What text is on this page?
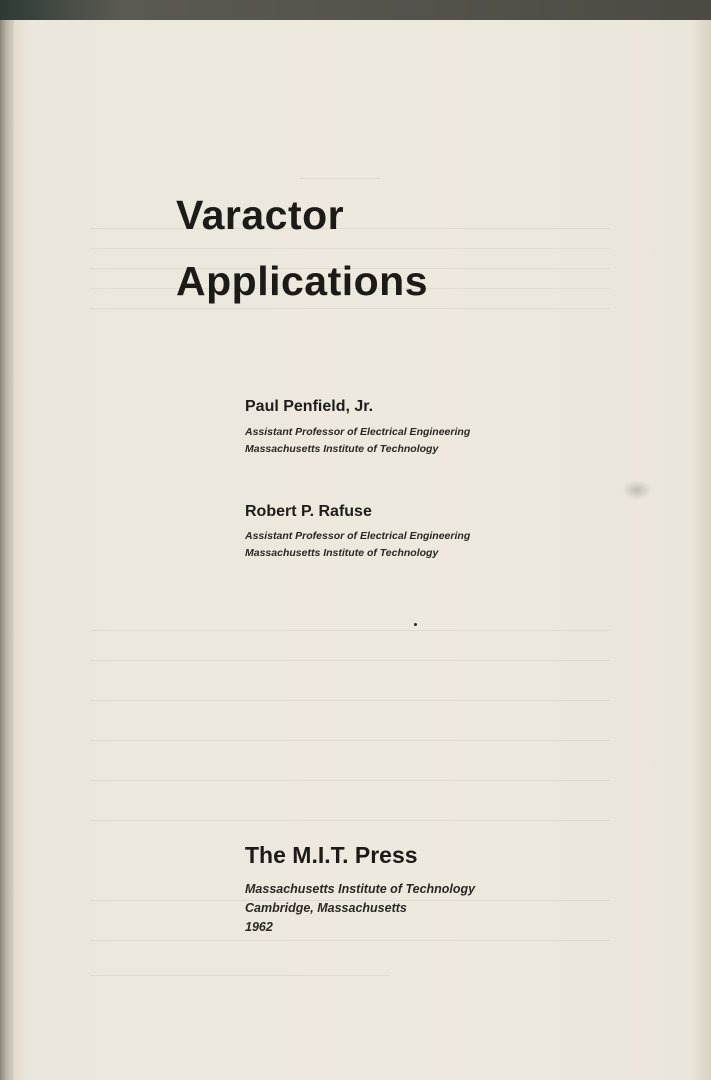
Varactor
Applications
Paul Penfield, Jr.
Assistant Professor of Electrical Engineering
Massachusetts Institute of Technology
Robert P. Rafuse
Assistant Professor of Electrical Engineering
Massachusetts Institute of Technology
The M.I.T. Press
Massachusetts Institute of Technology
Cambridge, Massachusetts
1962
